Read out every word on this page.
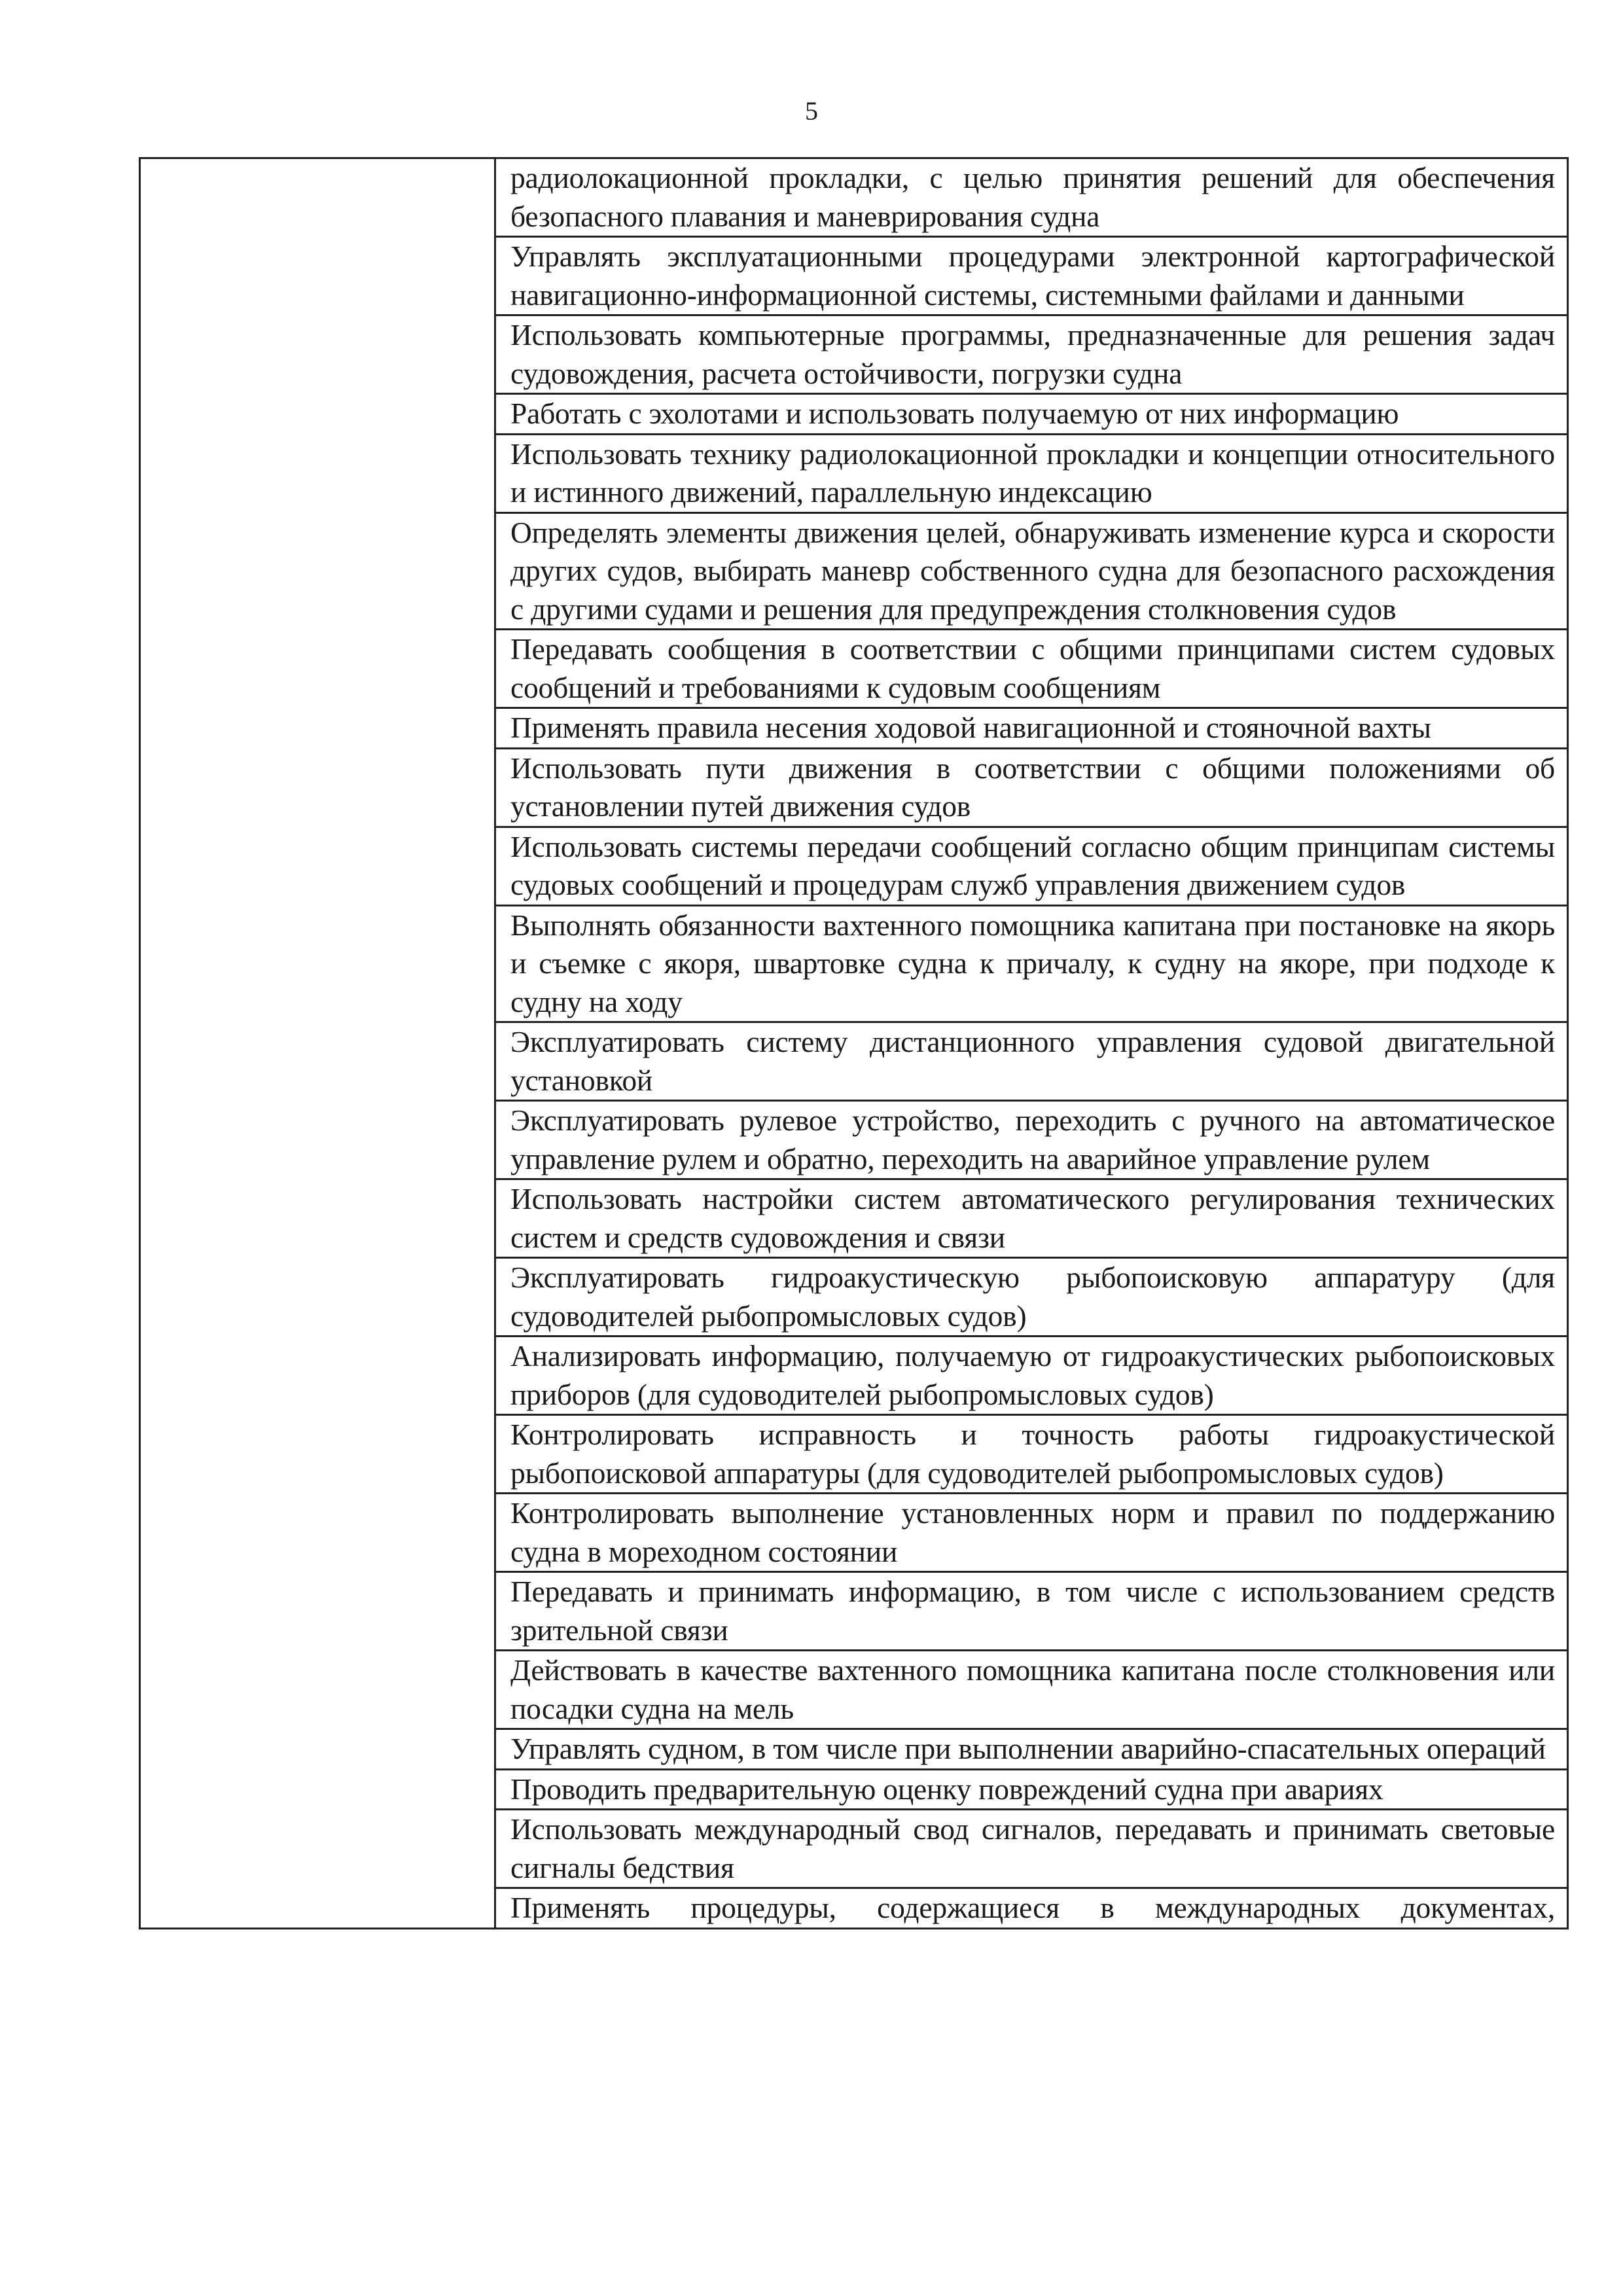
5

радиолокационной прокладки, с целью принятия решений для обеспечения безопасного плавания и маневрирования судна
Управлять эксплуатационными процедурами электронной картографической навигационно-информационной системы, системными файлами и данными
Использовать компьютерные программы, предназначенные для решения задач судовождения, расчета остойчивости, погрузки судна
Работать с эхолотами и использовать получаемую от них информацию
Использовать технику радиолокационной прокладки и концепции относительного и истинного движений, параллельную индексацию
Определять элементы движения целей, обнаруживать изменение курса и скорости других судов, выбирать маневр собственного судна для безопасного расхождения с другими судами и решения для предупреждения столкновения судов
Передавать сообщения в соответствии с общими принципами систем судовых сообщений и требованиями к судовым сообщениям
Применять правила несения ходовой навигационной и стояночной вахты
Использовать пути движения в соответствии с общими положениями об установлении путей движения судов
Использовать системы передачи сообщений согласно общим принципам системы судовых сообщений и процедурам служб управления движением судов
Выполнять обязанности вахтенного помощника капитана при постановке на якорь и съемке с якоря, швартовке судна к причалу, к судну на якоре, при подходе к судну на ходу
Эксплуатировать систему дистанционного управления судовой двигательной установкой
Эксплуатировать рулевое устройство, переходить с ручного на автоматическое управление рулем и обратно, переходить на аварийное управление рулем
Использовать настройки систем автоматического регулирования технических систем и средств судовождения и связи
Эксплуатировать гидроакустическую рыбопоисковую аппаратуру (для судоводителей рыбопромысловых судов)
Анализировать информацию, получаемую от гидроакустических рыбопоисковых приборов (для судоводителей рыбопромысловых судов)
Контролировать исправность и точность работы гидроакустической рыбопоисковой аппаратуры (для судоводителей рыбопромысловых судов)
Контролировать выполнение установленных норм и правил по поддержанию судна в мореходном состоянии
Передавать и принимать информацию, в том числе с использованием средств зрительной связи
Действовать в качестве вахтенного помощника капитана после столкновения или посадки судна на мель
Управлять судном, в том числе при выполнении аварийно-спасательных операций
Проводить предварительную оценку повреждений судна при авариях
Использовать международный свод сигналов, передавать и принимать световые сигналы бедствия
Применять процедуры, содержащиеся в международных документах,
